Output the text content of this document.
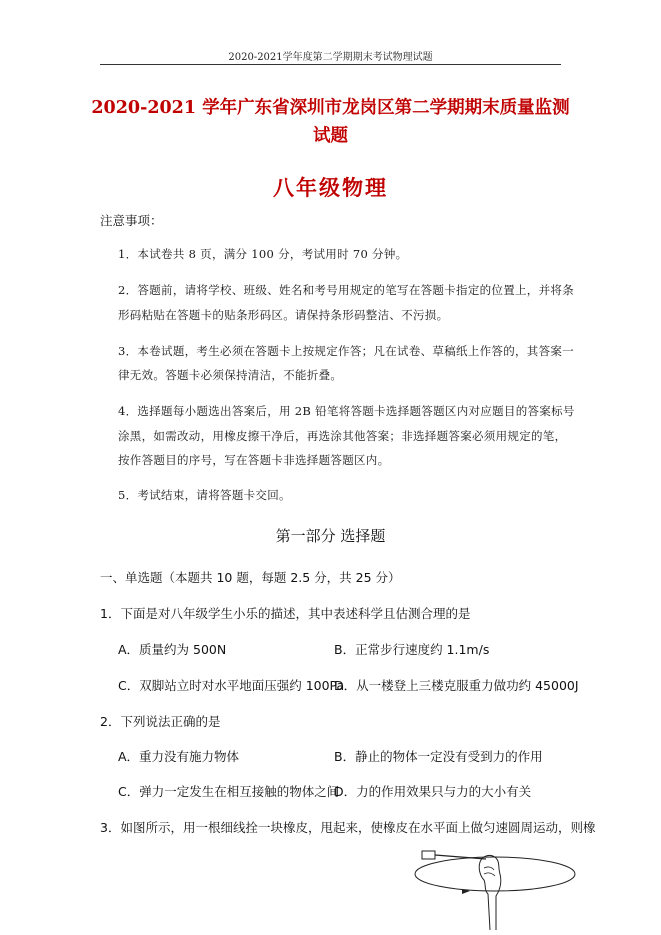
2020-2021学年度第二学期期末考试物理试题
2020-2021 学年广东省深圳市龙岗区第二学期期末质量监测
试题
八年级物理
注意事项：
1．本试卷共 8 页，满分 100 分，考试用时 70 分钟。
2．答题前，请将学校、班级、姓名和考号用规定的笔写在答题卡指定的位置上，并将条
形码粘贴在答题卡的贴条形码区。请保持条形码整洁、不污损。
3．本卷试题，考生必须在答题卡上按规定作答；凡在试卷、草稿纸上作答的，其答案一
律无效。答题卡必须保持清洁，不能折叠。
4．选择题每小题选出答案后，用 2B 铅笔将答题卡选择题答题区内对应题目的答案标号
涂黑，如需改动，用橡皮擦干净后，再选涂其他答案；非选择题答案必须用规定的笔，
按作答题目的序号，写在答题卡非选择题答题区内。
5．考试结束，请将答题卡交回。
第一部分 选择题
一、单选题（本题共 10 题，每题 2.5 分，共 25 分）
1．下面是对八年级学生小乐的描述，其中表述科学且估测合理的是
A．质量约为 500N	B．正常步行速度约 1.1m/s
C．双脚站立时对水平地面压强约 100Pa
D．从一楼登上三楼克服重力做功约 45000J
2．下列说法正确的是
A．重力没有施力物体	B．静止的物体一定没有受到力的作用
C．弹力一定发生在相互接触的物体之间
D．力的作用效果只与力的大小有关
3．如图所示，用一根细线拴一块橡皮，甩起来，使橡皮在水平面上做匀速圆周运动，则橡
